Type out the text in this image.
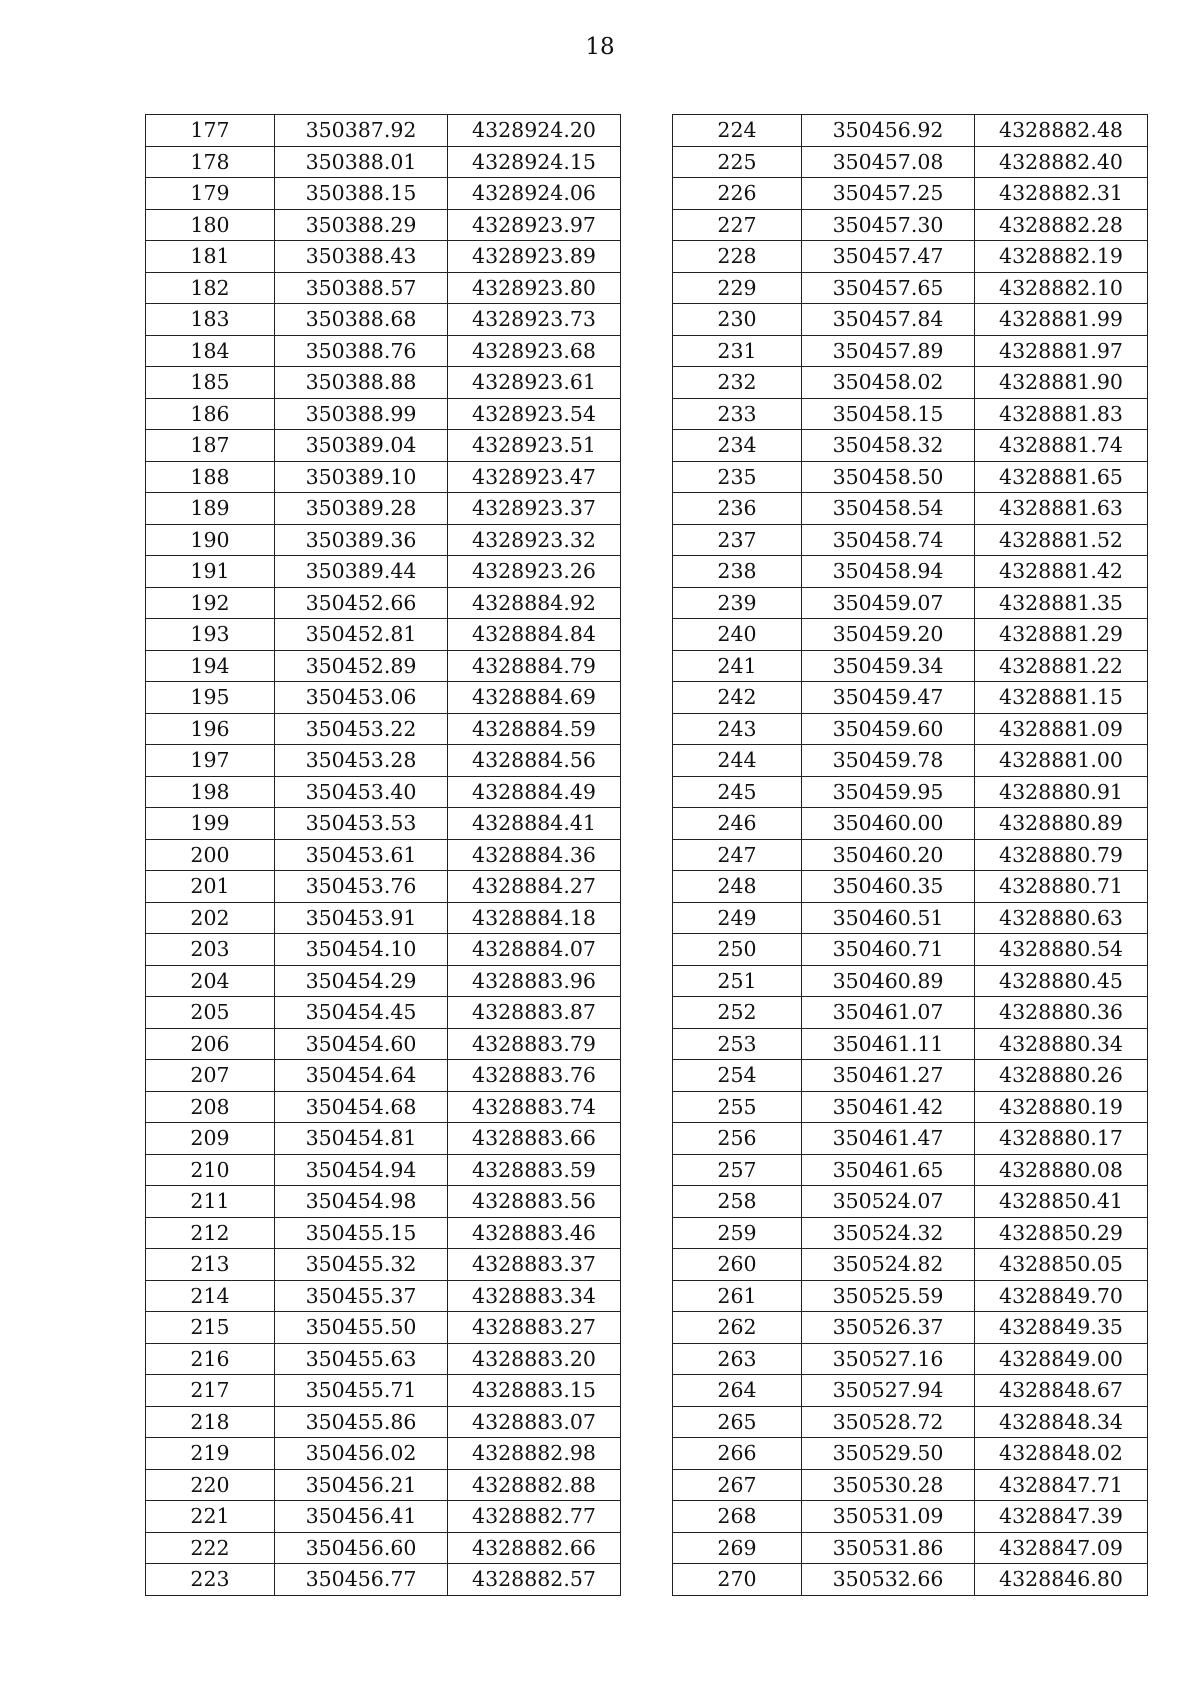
18
177	350387.92	4328924.20
178	350388.01	4328924.15
179	350388.15	4328924.06
180	350388.29	4328923.97
181	350388.43	4328923.89
182	350388.57	4328923.80
183	350388.68	4328923.73
184	350388.76	4328923.68
185	350388.88	4328923.61
186	350388.99	4328923.54
187	350389.04	4328923.51
188	350389.10	4328923.47
189	350389.28	4328923.37
190	350389.36	4328923.32
191	350389.44	4328923.26
192	350452.66	4328884.92
193	350452.81	4328884.84
194	350452.89	4328884.79
195	350453.06	4328884.69
196	350453.22	4328884.59
197	350453.28	4328884.56
198	350453.40	4328884.49
199	350453.53	4328884.41
200	350453.61	4328884.36
201	350453.76	4328884.27
202	350453.91	4328884.18
203	350454.10	4328884.07
204	350454.29	4328883.96
205	350454.45	4328883.87
206	350454.60	4328883.79
207	350454.64	4328883.76
208	350454.68	4328883.74
209	350454.81	4328883.66
210	350454.94	4328883.59
211	350454.98	4328883.56
212	350455.15	4328883.46
213	350455.32	4328883.37
214	350455.37	4328883.34
215	350455.50	4328883.27
216	350455.63	4328883.20
217	350455.71	4328883.15
218	350455.86	4328883.07
219	350456.02	4328882.98
220	350456.21	4328882.88
221	350456.41	4328882.77
222	350456.60	4328882.66
223	350456.77	4328882.57
224	350456.92	4328882.48
225	350457.08	4328882.40
226	350457.25	4328882.31
227	350457.30	4328882.28
228	350457.47	4328882.19
229	350457.65	4328882.10
230	350457.84	4328881.99
231	350457.89	4328881.97
232	350458.02	4328881.90
233	350458.15	4328881.83
234	350458.32	4328881.74
235	350458.50	4328881.65
236	350458.54	4328881.63
237	350458.74	4328881.52
238	350458.94	4328881.42
239	350459.07	4328881.35
240	350459.20	4328881.29
241	350459.34	4328881.22
242	350459.47	4328881.15
243	350459.60	4328881.09
244	350459.78	4328881.00
245	350459.95	4328880.91
246	350460.00	4328880.89
247	350460.20	4328880.79
248	350460.35	4328880.71
249	350460.51	4328880.63
250	350460.71	4328880.54
251	350460.89	4328880.45
252	350461.07	4328880.36
253	350461.11	4328880.34
254	350461.27	4328880.26
255	350461.42	4328880.19
256	350461.47	4328880.17
257	350461.65	4328880.08
258	350524.07	4328850.41
259	350524.32	4328850.29
260	350524.82	4328850.05
261	350525.59	4328849.70
262	350526.37	4328849.35
263	350527.16	4328849.00
264	350527.94	4328848.67
265	350528.72	4328848.34
266	350529.50	4328848.02
267	350530.28	4328847.71
268	350531.09	4328847.39
269	350531.86	4328847.09
270	350532.66	4328846.80
